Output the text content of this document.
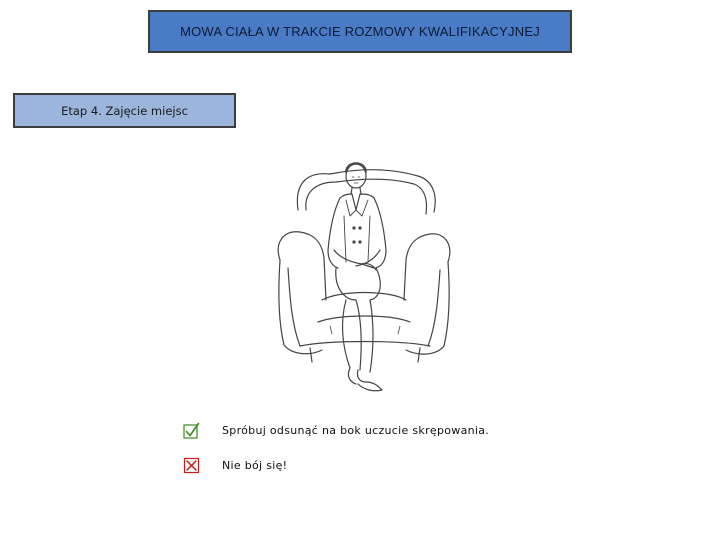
MOWA CIAŁA W TRAKCIE ROZMOWY KWALIFIKACYJNEJ
Etap 4. Zajęcie miejsc
Spróbuj odsunąć na bok uczucie skrępowania.
Nie bój się!
